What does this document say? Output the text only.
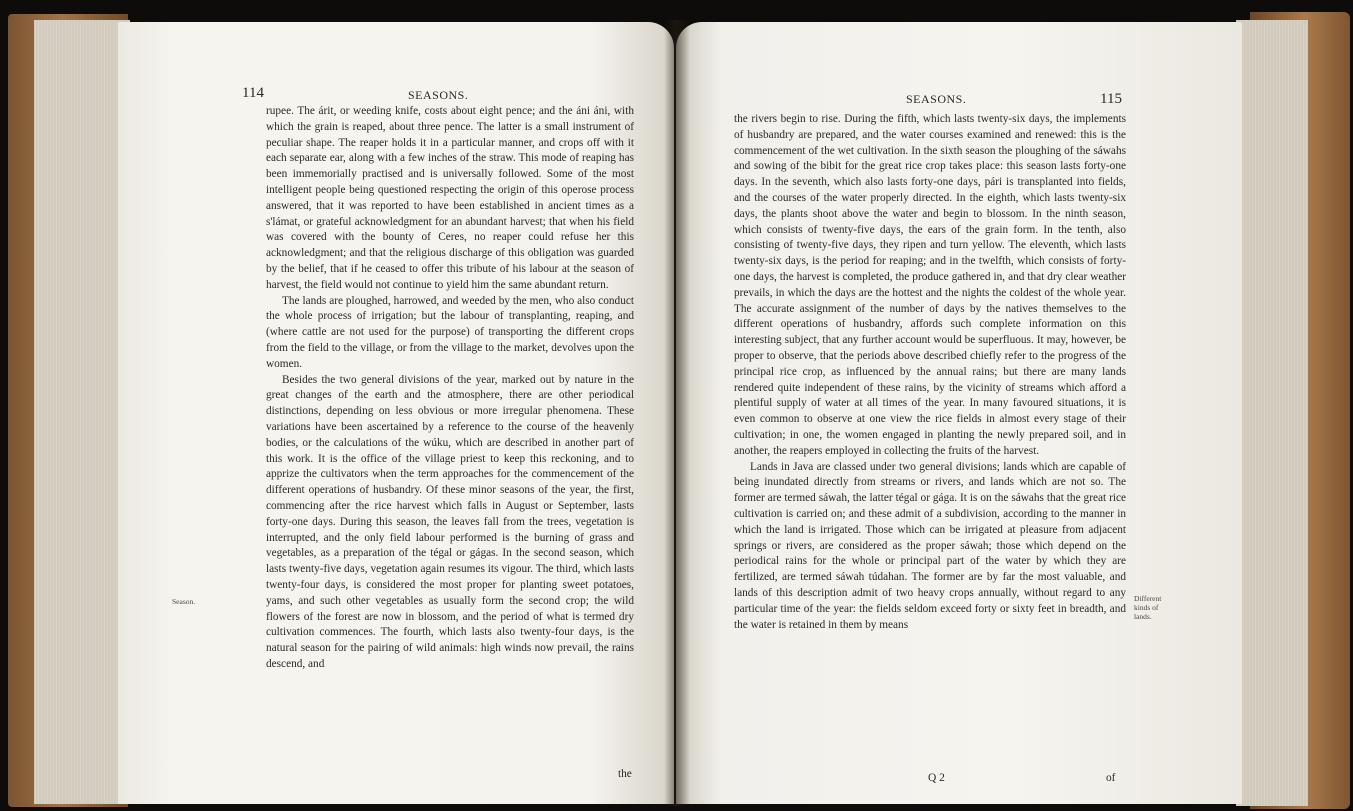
114	SEASONS.
Season.

rupee. The árit, or weeding knife, costs about eight pence; and the áni áni, with which the grain is reaped, about three pence. The latter is a small instrument of peculiar shape. The reaper holds it in a particular manner, and crops off with it each separate ear, along with a few inches of the straw. This mode of reaping has been immemorially practised and is universally followed. Some of the most intelligent people being questioned respecting the origin of this operose process answered, that it was reported to have been established in ancient times as a s'lámat, or grateful acknowledgment for an abundant harvest; that when his field was covered with the bounty of Ceres, no reaper could refuse her this acknowledgment; and that the religious discharge of this obligation was guarded by the belief, that if he ceased to offer this tribute of his labour at the season of harvest, the field would not continue to yield him the same abundant return.

The lands are ploughed, harrowed, and weeded by the men, who also conduct the whole process of irrigation; but the labour of transplanting, reaping, and (where cattle are not used for the purpose) of transporting the different crops from the field to the village, or from the village to the market, devolves upon the women.

Besides the two general divisions of the year, marked out by nature in the great changes of the earth and the atmosphere, there are other periodical distinctions, depending on less obvious or more irregular phenomena. These variations have been ascertained by a reference to the course of the heavenly bodies, or the calculations of the wúku, which are described in another part of this work. It is the office of the village priest to keep this reckoning, and to apprize the cultivators when the term approaches for the commencement of the different operations of husbandry. Of these minor seasons of the year, the first, commencing after the rice harvest which falls in August or September, lasts forty-one days. During this season, the leaves fall from the trees, vegetation is interrupted, and the only field labour performed is the burning of grass and vegetables, as a preparation of the tégal or gágas. In the second season, which lasts twenty-five days, vegetation again resumes its vigour. The third, which lasts twenty-four days, is considered the most proper for planting sweet potatoes, yams, and such other vegetables as usually form the second crop; the wild flowers of the forest are now in blossom, and the period of what is termed dry cultivation commences. The fourth, which lasts also twenty-four days, is the natural season for the pairing of wild animals: high winds now prevail, the rains descend, and

the
SEASONS.	115

the rivers begin to rise. During the fifth, which lasts twenty-six days, the implements of husbandry are prepared, and the water courses examined and renewed: this is the commencement of the wet cultivation. In the sixth season the ploughing of the sáwahs and sowing of the bibit for the great rice crop takes place: this season lasts forty-one days. In the seventh, which also lasts forty-one days, pári is transplanted into fields, and the courses of the water properly directed. In the eighth, which lasts twenty-six days, the plants shoot above the water and begin to blossom. In the ninth season, which consists of twenty-five days, the ears of the grain form. In the tenth, also consisting of twenty-five days, they ripen and turn yellow. The eleventh, which lasts twenty-six days, is the period for reaping; and in the twelfth, which consists of forty-one days, the harvest is completed, the produce gathered in, and that dry clear weather prevails, in which the days are the hottest and the nights the coldest of the whole year. The accurate assignment of the number of days by the natives themselves to the different operations of husbandry, affords such complete information on this interesting subject, that any further account would be superfluous. It may, however, be proper to observe, that the periods above described chiefly refer to the progress of the principal rice crop, as influenced by the annual rains; but there are many lands rendered quite independent of these rains, by the vicinity of streams which afford a plentiful supply of water at all times of the year. In many favoured situations, it is even common to observe at one view the rice fields in almost every stage of their cultivation; in one, the women engaged in planting the newly prepared soil, and in another, the reapers employed in collecting the fruits of the harvest.

Lands in Java are classed under two general divisions; lands which are capable of being inundated directly from streams or rivers, and lands which are not so. The former are termed sáwah, the latter tégal or gága. It is on the sáwahs that the great rice cultivation is carried on; and these admit of a subdivision, according to the manner in which the land is irrigated. Those which can be irrigated at pleasure from adjacent springs or rivers, are considered as the proper sáwah; those which depend on the periodical rains for the whole or principal part of the water by which they are fertilized, are termed sáwah túdahan. The former are by far the most valuable, and lands of this description admit of two heavy crops annually, without regard to any particular time of the year: the fields seldom exceed forty or sixty feet in breadth, and the water is retained in them by means

Different kinds of lands.
Q 2	of
